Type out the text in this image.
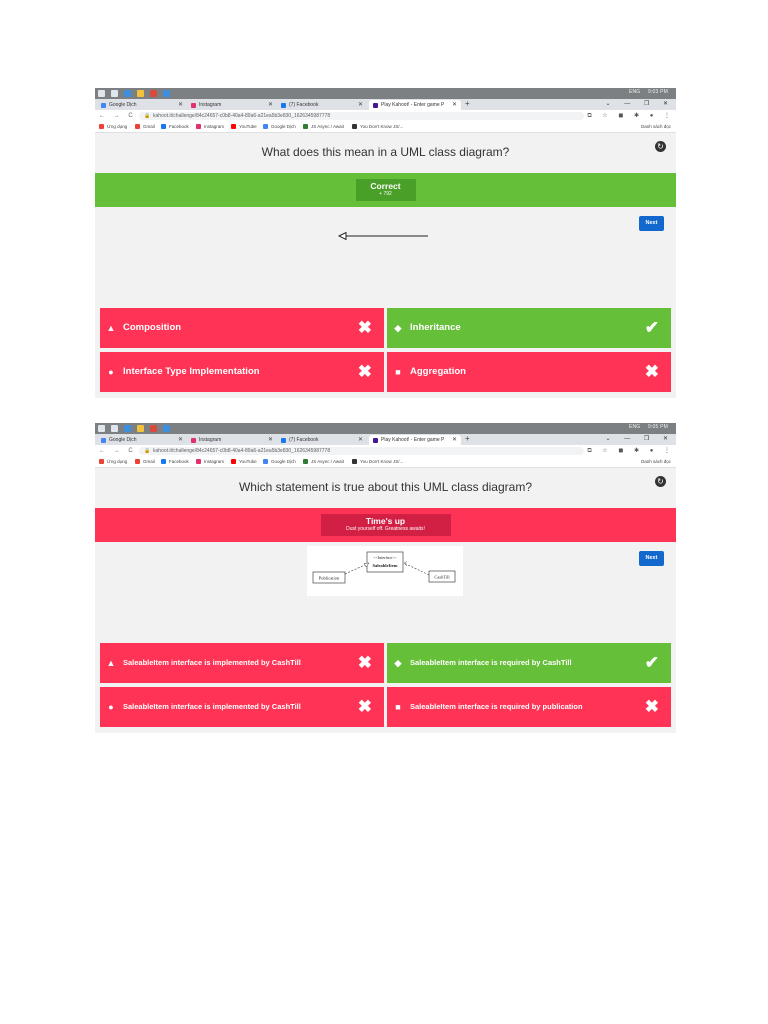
ENG 9:03 PM
Google Dịch	✕	Instagram	✕	(7) Facebook	✕	Play Kahoot! - Enter game P ✕ +	⌄ — ❐ ✕
← → C	🔒 kahoot.it/challenge/84c24657-c0b8-40a4-89a6-a21ea5b3e830_1626345987778	⧉ ☆ ◼ ✱ ● ⋮
Ứng dụng	Gmail	Facebook	Instagram	YouTube	Google Dịch	JS Async / Await	You Don't Know JS/...	Danh sách đọc
What does this mean in a UML class diagram?	↻
Correct
+ 792
Next
▲ Composition	✖	◆ Inheritance	✔
● Interface Type Implementation	✖	■ Aggregation	✖
ENG 9:05 PM
Google Dịch	✕	Instagram	✕	(7) Facebook	✕	Play Kahoot! - Enter game P ✕ +	⌄ — ❐ ✕
← → C	🔒 kahoot.it/challenge/84c24657-c0b8-40a4-89a6-a21ea5b3e830_1626345987778	⧉ ☆ ◼ ✱ ● ⋮
Ứng dụng	Gmail	Facebook	Instagram	YouTube	Google Dịch	JS Async / Await	You Don't Know JS/...	Danh sách đọc
Which statement is true about this UML class diagram?	↻
Time's up
Dust yourself off. Greatness awaits!
Next
<<Interface>>
SaleableItem
Publication	CashTill
▲ SaleableItem interface is implemented by CashTill	✖	◆ SaleableItem interface is required by CashTill	✔
●	SaleableItem interface is implemented by CashTill	✖	■	SaleableItem interface is required by publication	✖
